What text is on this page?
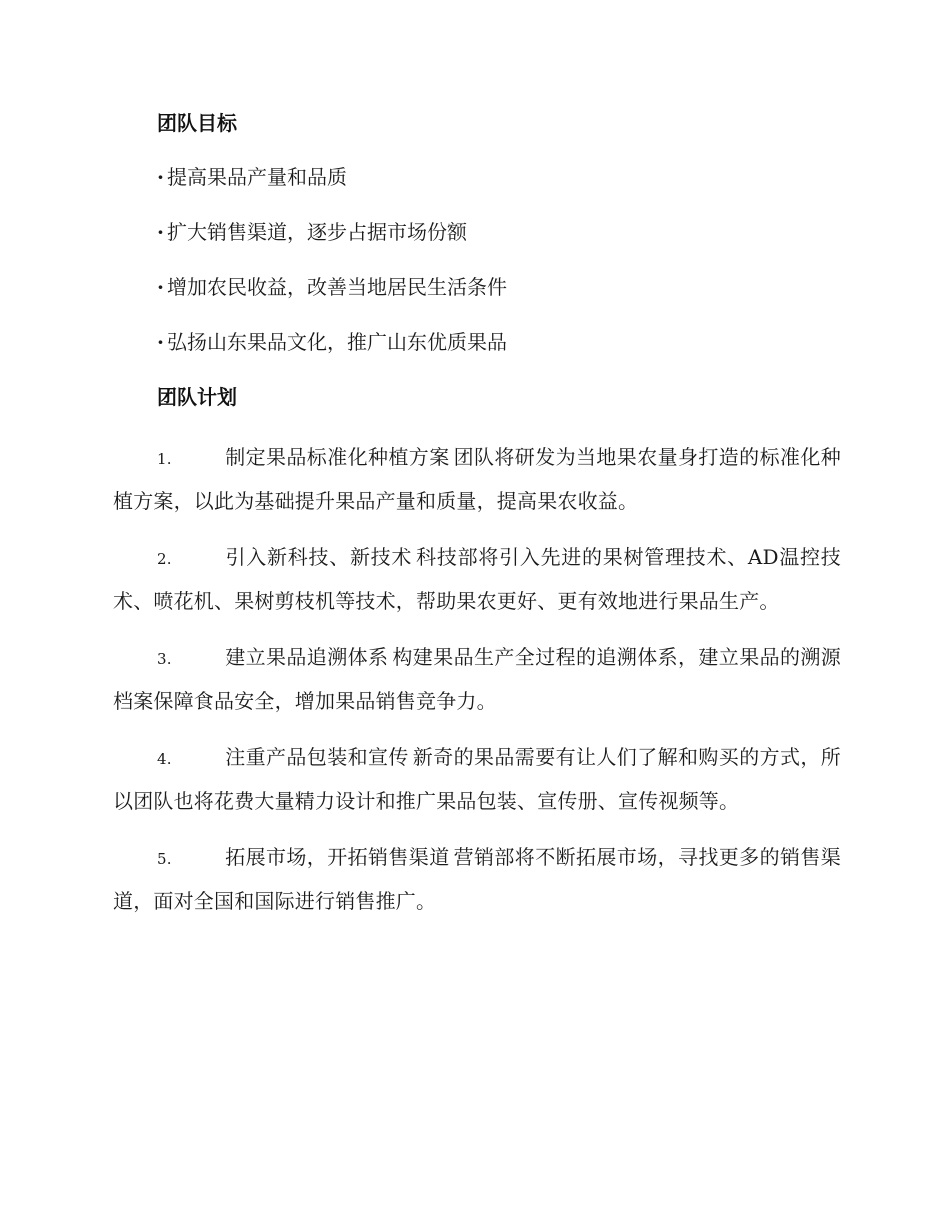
团队目标
· 提高果品产量和品质
· 扩大销售渠道，逐步占据市场份额
· 增加农民收益，改善当地居民生活条件
· 弘扬山东果品文化，推广山东优质果品
团队计划
1.	制定果品标准化种植方案 团队将研发为当地果农量身打造的标准化种植方案，以此为基础提升果品产量和质量，提高果农收益。
2.	引入新科技、新技术 科技部将引入先进的果树管理技术、AD温控技术、喷花机、果树剪枝机等技术，帮助果农更好、更有效地进行果品生产。
3.	建立果品追溯体系 构建果品生产全过程的追溯体系，建立果品的溯源档案保障食品安全，增加果品销售竞争力。
4.	注重产品包装和宣传 新奇的果品需要有让人们了解和购买的方式，所以团队也将花费大量精力设计和推广果品包装、宣传册、宣传视频等。
5.	拓展市场，开拓销售渠道 营销部将不断拓展市场，寻找更多的销售渠道，面对全国和国际进行销售推广。
